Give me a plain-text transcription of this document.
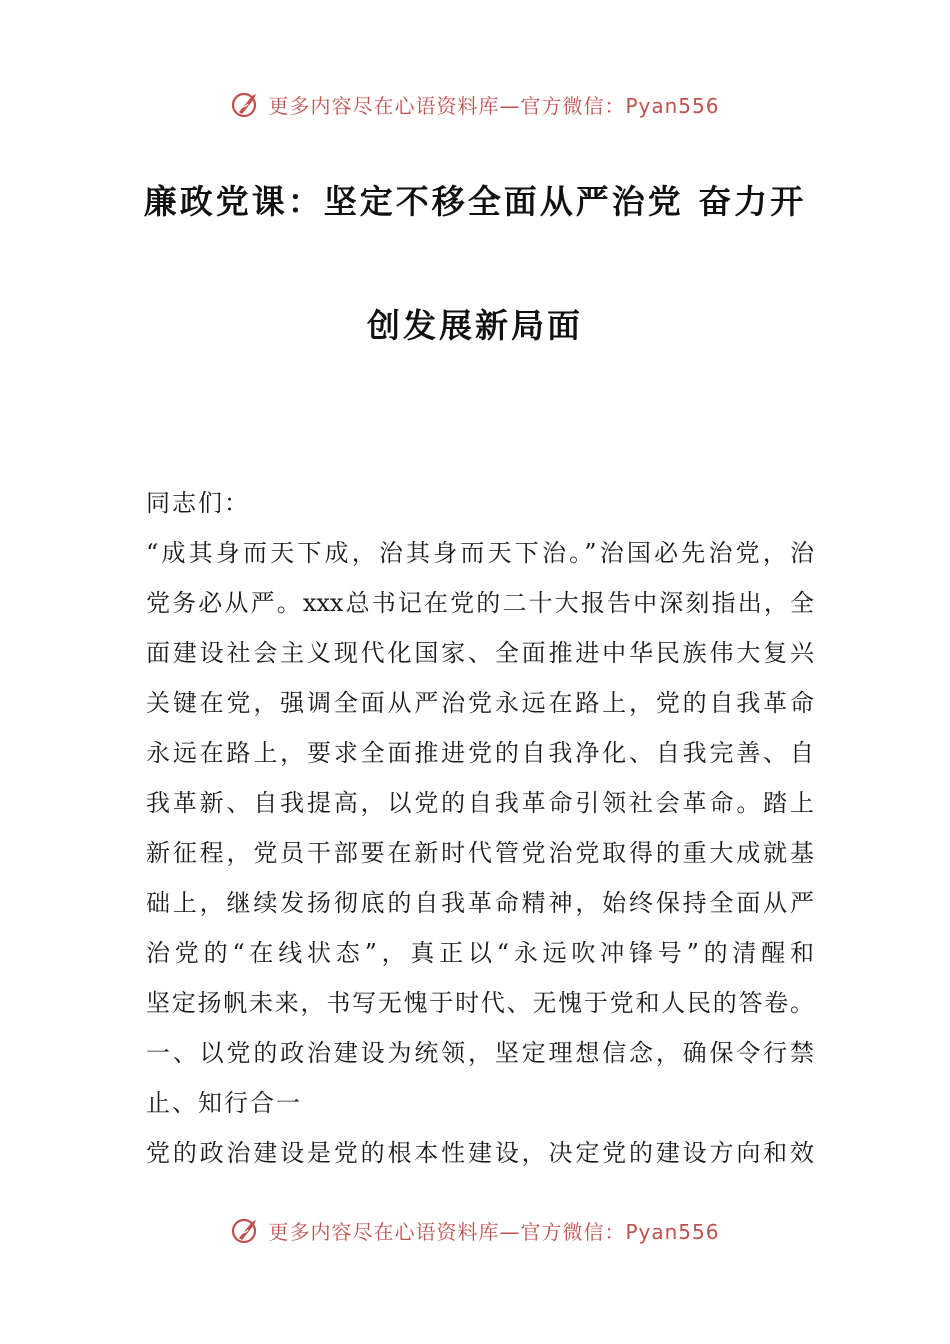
更多内容尽在心语资料库—官方微信：Pyan556
廉政党课：坚定不移全面从严治党 奋力开
创发展新局面
同志们：
“成其身而天下成，治其身而天下治。”治国必先治党，治
党务必从严。xxx总书记在党的二十大报告中深刻指出，全
面建设社会主义现代化国家、全面推进中华民族伟大复兴
关键在党，强调全面从严治党永远在路上，党的自我革命
永远在路上，要求全面推进党的自我净化、自我完善、自
我革新、自我提高，以党的自我革命引领社会革命。踏上
新征程，党员干部要在新时代管党治党取得的重大成就基
础上，继续发扬彻底的自我革命精神，始终保持全面从严
治党的“在线状态”，真正以“永远吹冲锋号”的清醒和
坚定扬帆未来，书写无愧于时代、无愧于党和人民的答卷。
一、以党的政治建设为统领，坚定理想信念，确保令行禁
止、知行合一
党的政治建设是党的根本性建设，决定党的建设方向和效
更多内容尽在心语资料库—官方微信：Pyan556
